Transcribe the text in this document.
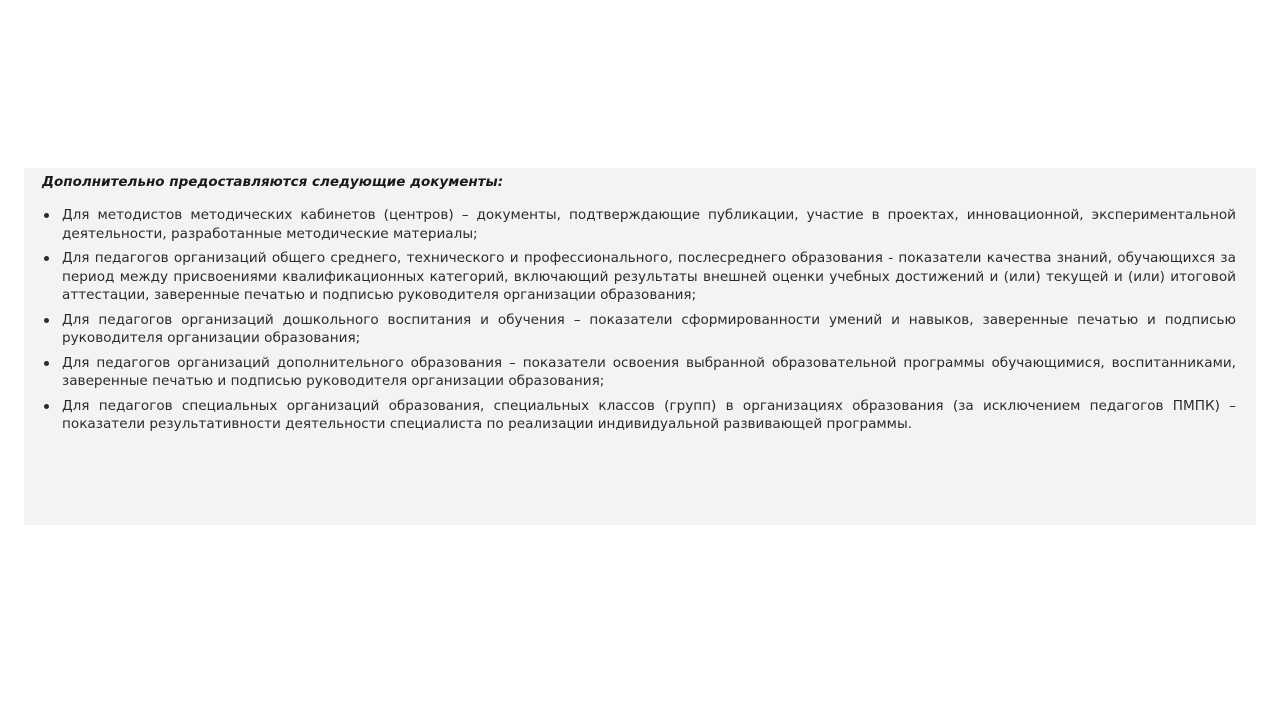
Дополнительно предоставляются следующие документы:
Для методистов методических кабинетов (центров) – документы, подтверждающие публикации, участие в проектах, инновационной, экспериментальной деятельности, разработанные методические материалы;
Для педагогов организаций общего среднего, технического и профессионального, послесреднего образования - показатели качества знаний, обучающихся за период между присвоениями квалификационных категорий, включающий результаты внешней оценки учебных достижений и (или) текущей и (или) итоговой аттестации, заверенные печатью и подписью руководителя организации образования;
Для педагогов организаций дошкольного воспитания и обучения – показатели сформированности умений и навыков, заверенные печатью и подписью руководителя организации образования;
Для педагогов организаций дополнительного образования – показатели освоения выбранной образовательной программы обучающимися, воспитанниками, заверенные печатью и подписью руководителя организации образования;
Для педагогов специальных организаций образования, специальных классов (групп) в организациях образования (за исключением педагогов ПМПК) – показатели результативности деятельности специалиста по реализации индивидуальной развивающей программы.
